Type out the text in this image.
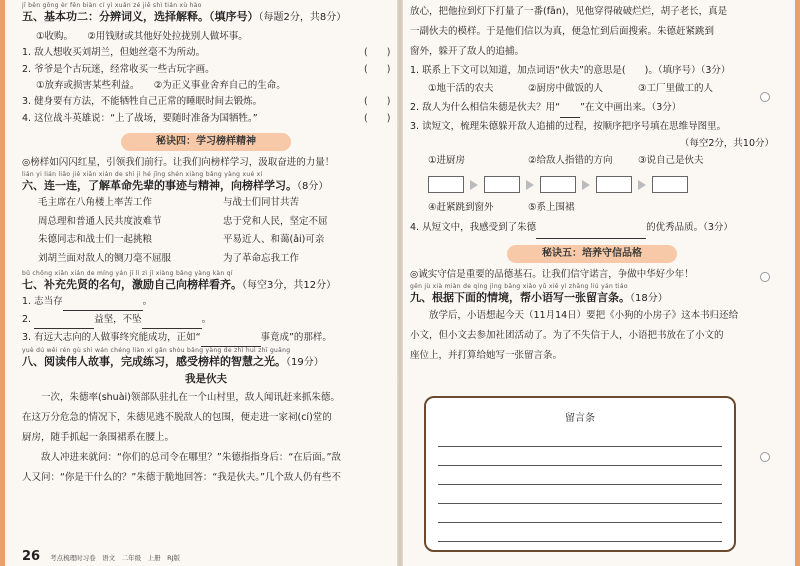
jī běn gōng èr fēn biàn cí yì xuǎn zé jiě shì tián xù hào
五、基本功二：分辨词义，选择解释。（填序号）（每题2分，共8分）
①收购。　　②用钱财或其他好处拉拢别人做坏事。
1. 敌人想收买刘胡兰，但她丝毫不为所动。	(　　)
2. 爷爷是个古玩迷，经常收买一些古玩字画。	(　　)
①放弃或损害某些利益。　　②为正义事业舍弃自己的生命。
3. 健身要有方法，不能牺牲自己正常的睡眠时间去锻炼。	(　　)
4. 这位战斗英雄说：“上了战场，要随时准备为国牺牲。”	(　　)
秘诀四：学习榜样精神
◎榜样如闪闪红星，引领我们前行。让我们向榜样学习，汲取奋进的力量！
lián yi lián liǎo jiě xiān xián de shì jì hé jīng shén xiàng bǎng yàng xué xí
六、连一连，了解革命先辈的事迹与精神，向榜样学习。（8分）
毛主席在八角楼上率苦工作	与战士们同甘共苦
周总理和普通人民共度波难节	忠于党和人民，坚定不屈
朱德同志和战士们一起挑粮	平易近人、和蔼(ǎi)可亲
刘胡兰面对敌人的铡刀毫不屈服	为了革命忘我工作
bǔ chōng xiān xián de míng yán jī lì zì jǐ xiàng bǎng yàng kàn qí
七、补充先贤的名句，激励自己向榜样看齐。（每空3分，共12分）
1. 志当存	。
2.	益坚，不坠	。
3. 有远大志向的人做事终究能成功，正如“	事竟成”的那样。
yuè dú wěi rén gù shi wán chéng liàn xí gǎn shòu bǎng yàng de zhì huì zhī guāng
八、阅读伟人故事，完成练习，感受榜样的智慧之光。（19分）
我是伙夫
　　一次，朱德率(shuài)领部队驻扎在一个山村里，敌人闻讯赶来抓朱德。
在这万分危急的情况下，朱德见逃不脱敌人的包围，便走进一家祠(cí)堂的
厨房，随手抓起一条围裙系在腰上。
　　敌人冲进来就问：“你们的总司令在哪里？”朱德指指身后：“在后面。”敌
人又问：“你是干什么的？”朱德于脆地回答：“我是伙夫。”几个敌人仍有些不
26 考点梳理时习卷　语文　二年级　上册　RJ版
放心，把他拉到灯下打量了一番(fān)，见他穿得破破烂烂，胡子老长，真是
一副伙夫的模样。于是他们信以为真，便急忙到后面搜索。朱德赶紧跳到
窗外，躲开了敌人的追捕。
1. 联系上下文可以知道，加点词语“伙夫”的意思是(　　)。（填序号）（3分）
①地干活的农夫	②厨房中做饭的人	③工厂里做工的人
2. 敌人为什么相信朱德是伙夫？用“ ”在文中画出来。（3分）
3. 读短文，梳理朱德躲开敌人追捕的过程，按顺序把序号填在思维导图里。
（每空2分，共10分）
①进厨房	②给敌人指错的方向	③说自己是伙夫
④赶紧跳到窗外	⑤系上围裙
4. 从短文中，我感受到了朱德	的优秀品质。（3分）
秘诀五：培养守信品格
◎诚实守信是重要的品德基石。让我们信守诺言，争做中华好少年！
gēn jù xià miàn de qíng jìng bāng xiǎo yǔ xiě yì zhāng liú yán tiáo
九、根据下面的情境，帮小语写一张留言条。（18分）
　　放学后，小语想起今天（11月14日）要把《小狗的小房子》这本书归还给
小文，但小文去参加社团活动了。为了不失信于人，小语把书放在了小文的
座位上，并打算给她写一张留言条。
留言条
